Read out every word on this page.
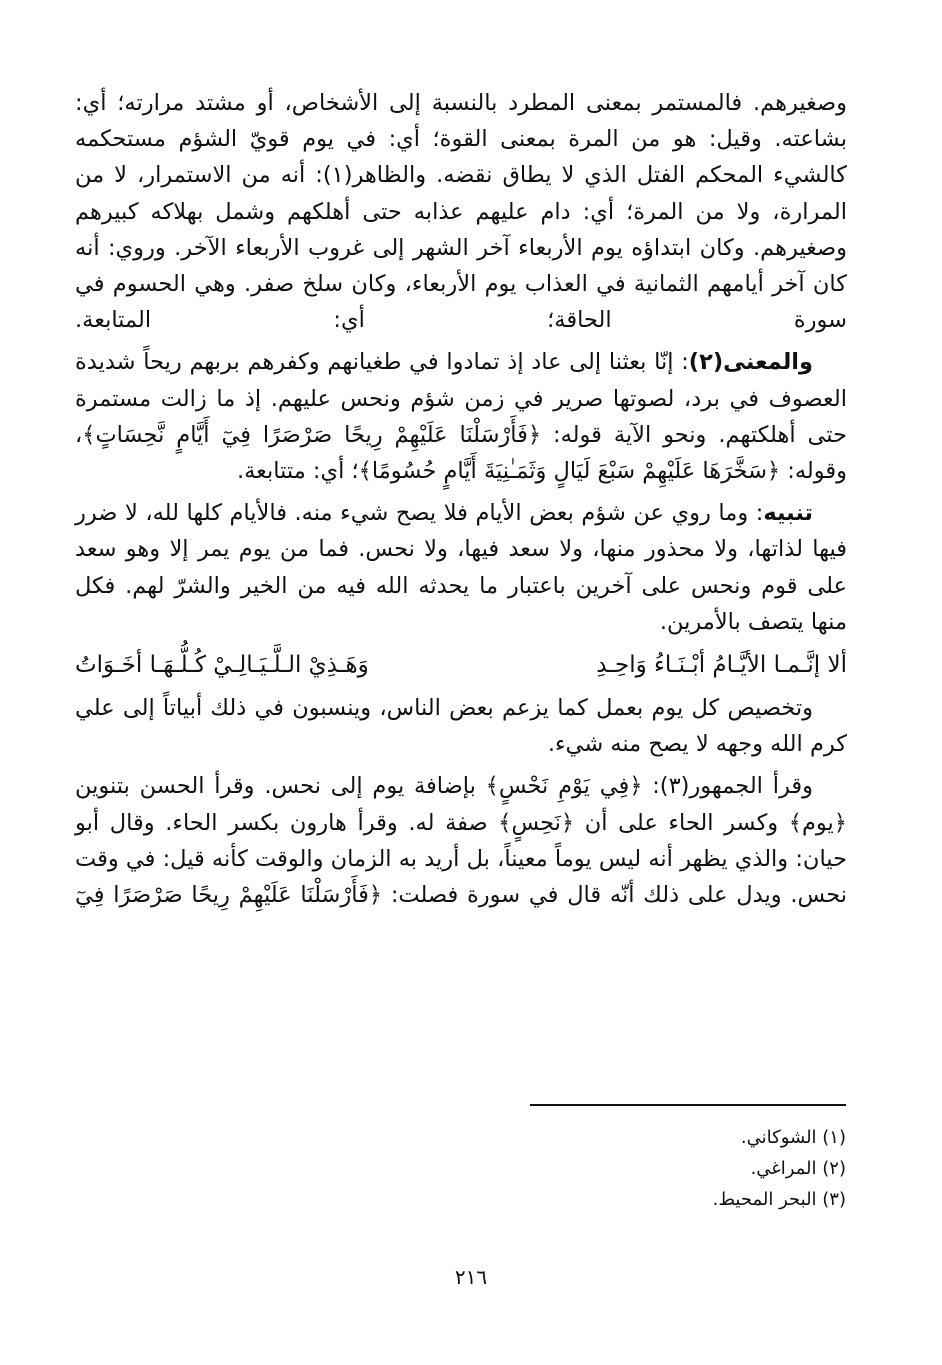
وصغيرهم. فالمستمر بمعنى المطرد بالنسبة إلى الأشخاص، أو مشتد مرارته؛ أي: بشاعته. وقيل: هو من المرة بمعنى القوة؛ أي: في يوم قويّ الشؤم مستحكمه كالشيء المحكم الفتل الذي لا يطاق نقضه. والظاهر(١): أنه من الاستمرار، لا من المرارة، ولا من المرة؛ أي: دام عليهم عذابه حتى أهلكهم وشمل بهلاكه كبيرهم وصغيرهم. وكان ابتداؤه يوم الأربعاء آخر الشهر إلى غروب الأربعاء الآخر. وروي: أنه كان آخر أيامهم الثمانية في العذاب يوم الأربعاء، وكان سلخ صفر. وهي الحسوم في سورة الحاقة؛ أي: المتابعة.

والمعنى(٢): إنّا بعثنا إلى عاد إذ تمادوا في طغيانهم وكفرهم بربهم ريحاً شديدة العصوف في برد، لصوتها صرير في زمن شؤم ونحس عليهم. إذ ما زالت مستمرة حتى أهلكتهم. ونحو الآية قوله: ﴿فَأَرْسَلْنَا عَلَيْهِمْ رِيحًا صَرْصَرًا فِيٓ أَيَّامٍ نَّحِسَاتٍ﴾، وقوله: ﴿سَخَّرَهَا عَلَيْهِمْ سَبْعَ لَيَالٍ وَثَمَـٰنِيَةَ أَيَّامٍ حُسُومًا﴾؛ أي: متتابعة.

تنبيه: وما روي عن شؤم بعض الأيام فلا يصح شيء منه. فالأيام كلها لله، لا ضرر فيها لذاتها، ولا محذور منها، ولا سعد فيها، ولا نحس. فما من يوم يمر إلا وهو سعد على قوم ونحس على آخرين باعتبار ما يحدثه الله فيه من الخير والشرّ لهم. فكل منها يتصف بالأمرين.

ألا إنَّـمـا الأيَّـامُ أبْـنَـاءُ وَاحِـدِ
وَهَـذِيْ الـلَّـيَـالِـيْ كُـلُّـهَـا أخَـوَاتُ

وتخصيص كل يوم بعمل كما يزعم بعض الناس، وينسبون في ذلك أبياتاً إلى علي كرم الله وجهه لا يصح منه شيء.

وقرأ الجمهور(٣): ﴿فِي يَوْمِ نَحْسٍ﴾ بإضافة يوم إلى نحس. وقرأ الحسن بتنوين ﴿يوم﴾ وكسر الحاء على أن ﴿نَحِسٍ﴾ صفة له. وقرأ هارون بكسر الحاء. وقال أبو حيان: والذي يظهر أنه ليس يوماً معيناً، بل أريد به الزمان والوقت كأنه قيل: في وقت نحس. ويدل على ذلك أنّه قال في سورة فصلت: ﴿فَأَرْسَلْنَا عَلَيْهِمْ رِيحًا صَرْصَرًا فِيٓ

(١) الشوكاني.
(٢) المراغي.
(٣) البحر المحيط.
٢١٦
